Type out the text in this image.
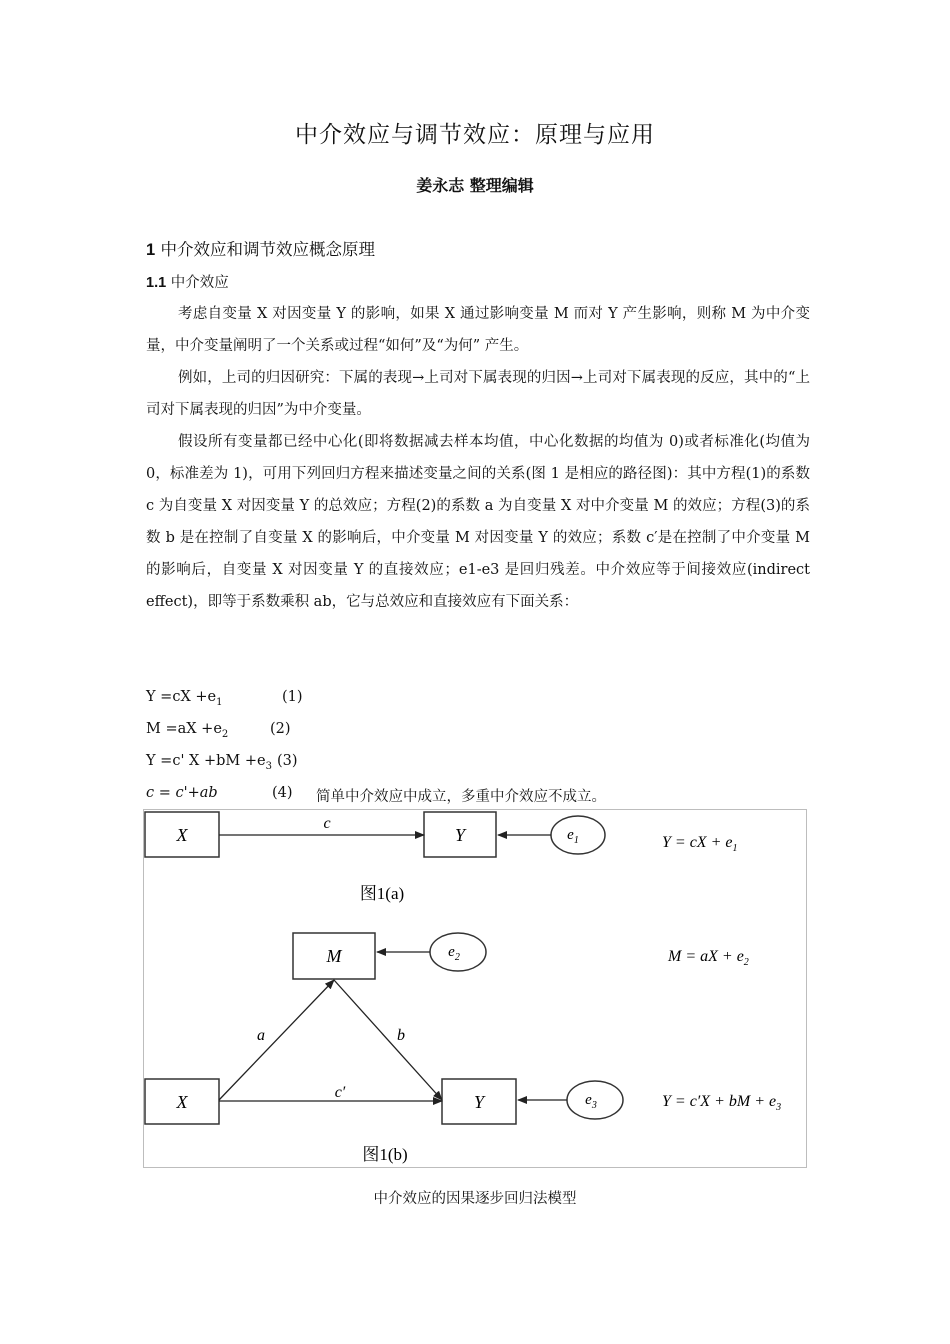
中介效应与调节效应：原理与应用
姜永志 整理编辑
1 中介效应和调节效应概念原理
1.1 中介效应

考虑自变量 X 对因变量 Y 的影响，如果 X 通过影响变量 M 而对 Y 产生影响，则称 M 为中介变量，中介变量阐明了一个关系或过程“如何”及“为何” 产生。

例如，上司的归因研究：下属的表现→上司对下属表现的归因→上司对下属表现的反应，其中的“上司对下属表现的归因”为中介变量。

假设所有变量都已经中心化(即将数据减去样本均值，中心化数据的均值为 0)或者标准化(均值为 0，标准差为 1)，可用下列回归方程来描述变量之间的关系(图 1 是相应的路径图)：其中方程(1)的系数 c 为自变量 X 对因变量 Y 的总效应；方程(2)的系数 a 为自变量 X 对中介变量 M 的效应；方程(3)的系数 b 是在控制了自变量 X 的影响后，中介变量 M 对因变量 Y 的效应；系数 c′是在控制了中介变量 M 的影响后，自变量 X 对因变量 Y 的直接效应；e1-e3 是回归残差。中介效应等于间接效应(indirect effect)，即等于系数乘积 ab，它与总效应和直接效应有下面关系：

$Y =cX +e_1$	(1)
$M =aX +e_2$	(2)
Y =c' $X +bM +e_3$ (3)
c = c'+ab	(4) 简单中介效应中成立，多重中介效应不成立。
X	Y
c
$e_1$	Y = cX + $e_1$
图1(a)
M	$e_2$	M = aX + $e_2$
X	Y
a	b
c′	$e_3$	Y = c′X + bM + $e_3$
图1(b)
中介效应的因果逐步回归法模型
